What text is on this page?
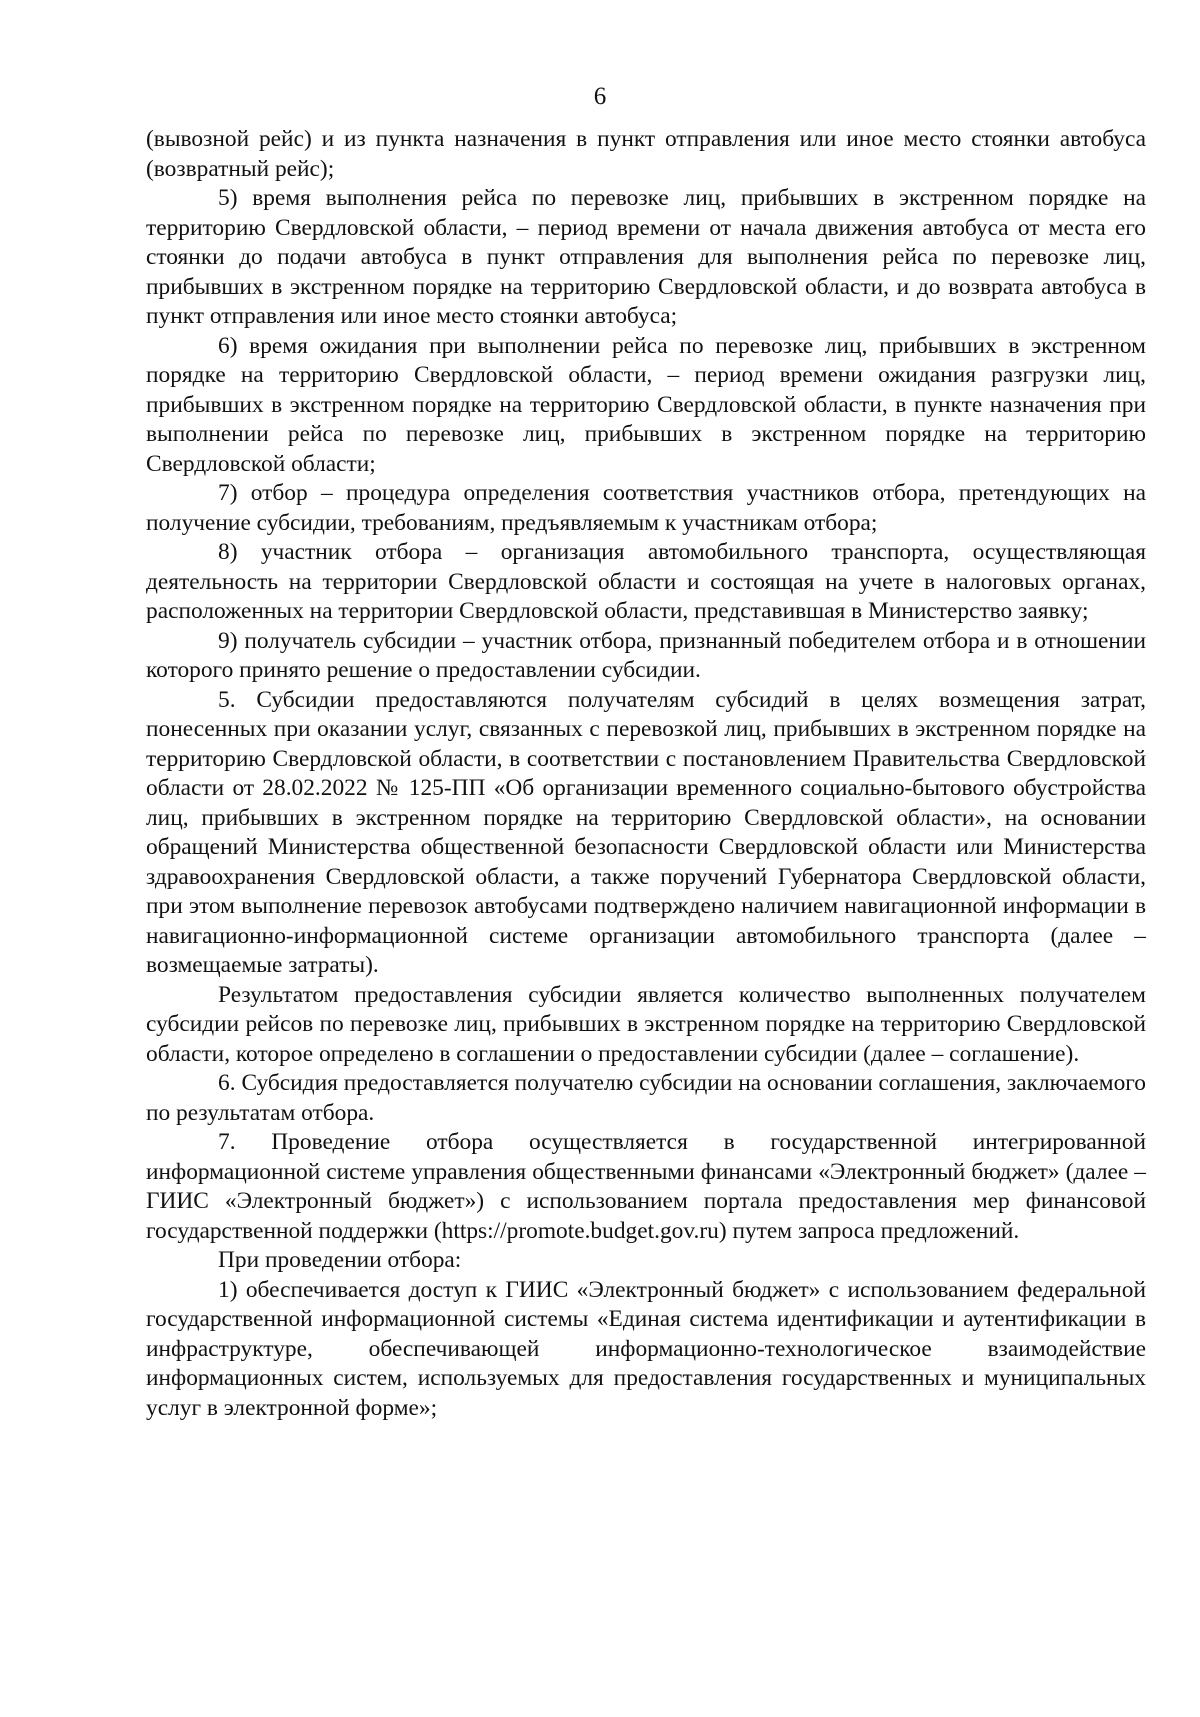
6

(вывозной рейс) и из пункта назначения в пункт отправления или иное место стоянки автобуса (возвратный рейс);

5) время выполнения рейса по перевозке лиц, прибывших в экстренном порядке на территорию Свердловской области, – период времени от начала движения автобуса от места его стоянки до подачи автобуса в пункт отправления для выполнения рейса по перевозке лиц, прибывших в экстренном порядке на территорию Свердловской области, и до возврата автобуса в пункт отправления или иное место стоянки автобуса;

6) время ожидания при выполнении рейса по перевозке лиц, прибывших в экстренном порядке на территорию Свердловской области, – период времени ожидания разгрузки лиц, прибывших в экстренном порядке на территорию Свердловской области, в пункте назначения при выполнении рейса по перевозке лиц, прибывших в экстренном порядке на территорию Свердловской области;

7) отбор – процедура определения соответствия участников отбора, претендующих на получение субсидии, требованиям, предъявляемым к участникам отбора;

8) участник отбора – организация автомобильного транспорта, осуществляющая деятельность на территории Свердловской области и состоящая на учете в налоговых органах, расположенных на территории Свердловской области, представившая в Министерство заявку;

9) получатель субсидии – участник отбора, признанный победителем отбора и в отношении которого принято решение о предоставлении субсидии.

5. Субсидии предоставляются получателям субсидий в целях возмещения затрат, понесенных при оказании услуг, связанных с перевозкой лиц, прибывших в экстренном порядке на территорию Свердловской области, в соответствии с постановлением Правительства Свердловской области от 28.02.2022 № 125-ПП «Об организации временного социально-бытового обустройства лиц, прибывших в экстренном порядке на территорию Свердловской области», на основании обращений Министерства общественной безопасности Свердловской области или Министерства здравоохранения Свердловской области, а также поручений Губернатора Свердловской области, при этом выполнение перевозок автобусами подтверждено наличием навигационной информации в навигационно-информационной системе организации автомобильного транспорта (далее – возмещаемые затраты).

Результатом предоставления субсидии является количество выполненных получателем субсидии рейсов по перевозке лиц, прибывших в экстренном порядке на территорию Свердловской области, которое определено в соглашении о предоставлении субсидии (далее – соглашение).

6. Субсидия предоставляется получателю субсидии на основании соглашения, заключаемого по результатам отбора.

7. Проведение отбора осуществляется в государственной интегрированной информационной системе управления общественными финансами «Электронный бюджет» (далее – ГИИС «Электронный бюджет») с использованием портала предоставления мер финансовой государственной поддержки (https://promote.budget.gov.ru) путем запроса предложений.

При проведении отбора:

1) обеспечивается доступ к ГИИС «Электронный бюджет» с использованием федеральной государственной информационной системы «Единая система идентификации и аутентификации в инфраструктуре, обеспечивающей информационно-технологическое взаимодействие информационных систем, используемых для предоставления государственных и муниципальных услуг в электронной форме»;
